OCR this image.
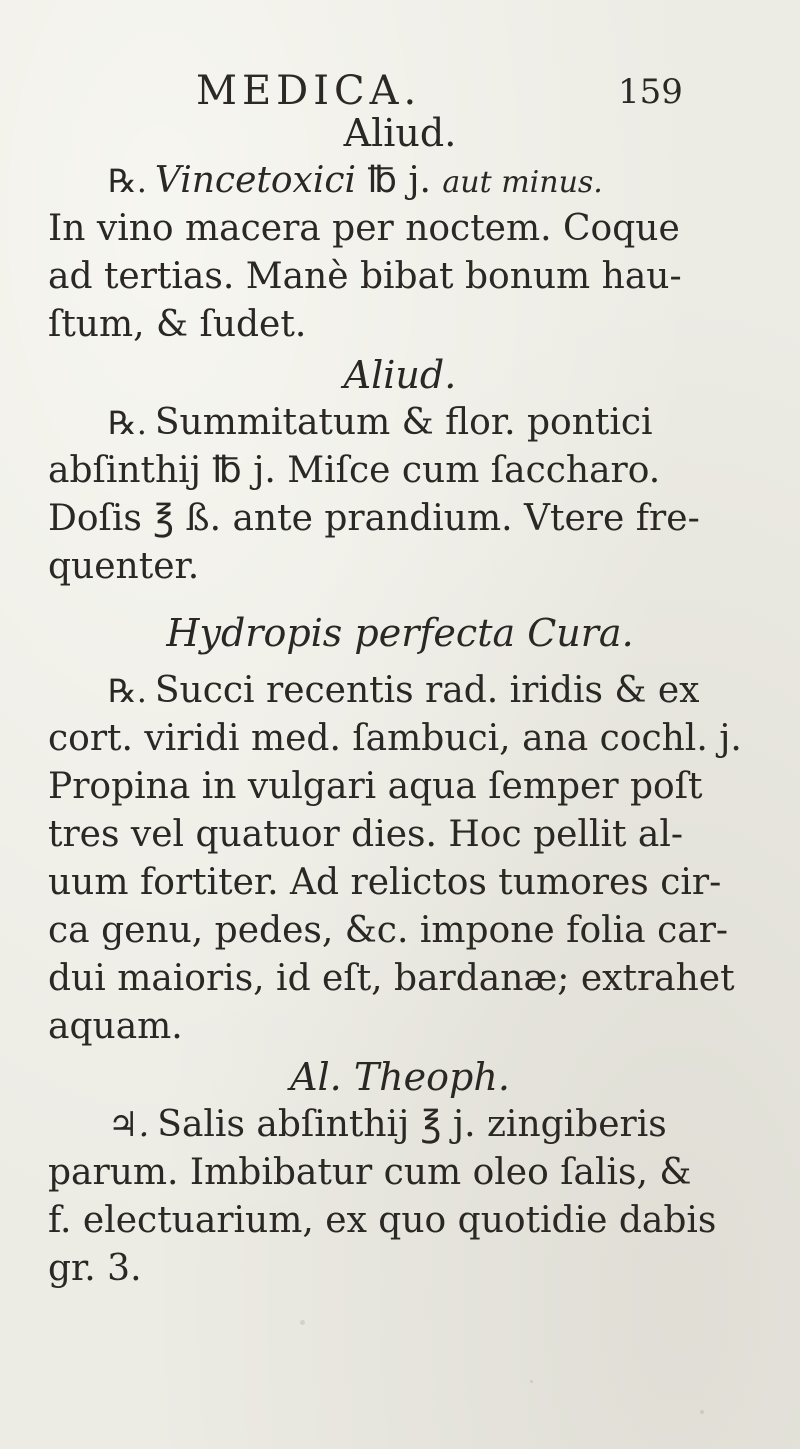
MEDICA.	159
Aliud.
℞. Vincetoxici ℔ j. aut minus.
In vino macera per noctem. Coque
ad tertias. Manè bibat bonum hau-
ſtum, & ſudet.
Aliud.
℞. Summitatum & flor. pontici
abſinthij ℔ j. Miſce cum ſaccharo.
Doſis ℥ ß. ante prandium. Vtere fre-
quenter.
Hydropis perfecta Cura.
℞. Succi recentis rad. iridis & ex
cort. viridi med. ſambuci, ana cochl. j.
Propina in vulgari aqua ſemper poſt
tres vel quatuor dies. Hoc pellit al-
uum fortiter. Ad relictos tumores cir-
ca genu, pedes, &c. impone folia car-
dui maioris, id eſt, bardanæ; extrahet
aquam.
Al. Theoph.
♃. Salis abſinthij ℥ j. zingiberis
parum. Imbibatur cum oleo ſalis, &
f. electuarium, ex quo quotidie dabis
gr. 3.
